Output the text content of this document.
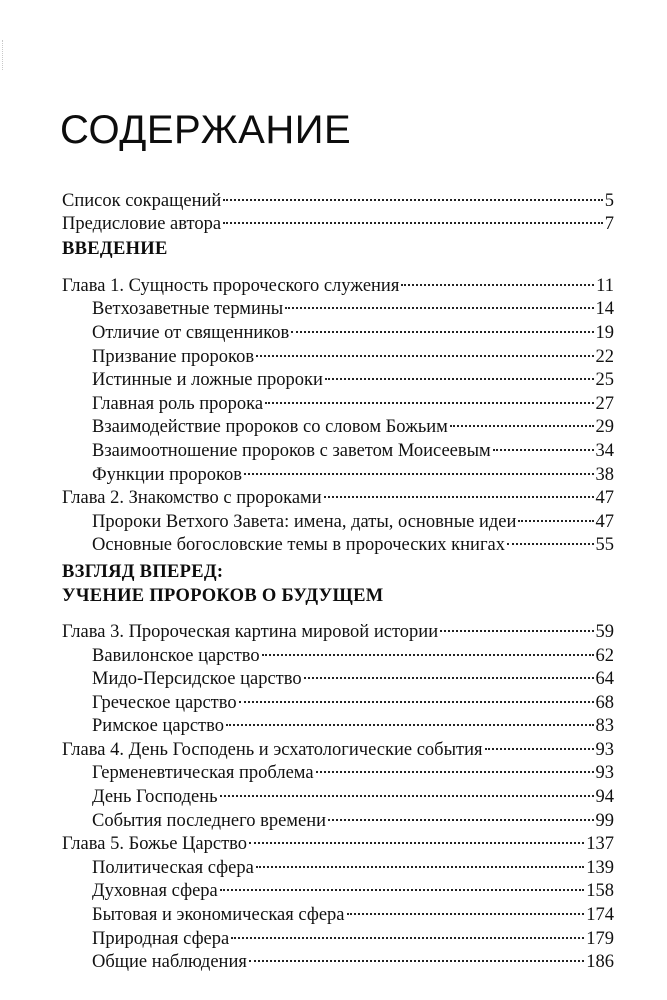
СОДЕРЖАНИЕ
Список сокращений	5
Предисловие автора	7
ВВЕДЕНИЕ
Глава 1. Сущность пророческого служения	11
Ветхозаветные термины	14
Отличие от священников	19
Призвание пророков	22
Истинные и ложные пророки	25
Главная роль пророка	27
Взаимодействие пророков со словом Божьим	29
Взаимоотношение пророков с заветом Моисеевым	34
Функции пророков	38
Глава 2. Знакомство с пророками	47
Пророки Ветхого Завета: имена, даты, основные идеи	47
Основные богословские темы в пророческих книгах	55
ВЗГЛЯД ВПЕРЕД:
УЧЕНИЕ ПРОРОКОВ О БУДУЩЕМ
Глава 3. Пророческая картина мировой истории	59
Вавилонское царство	62
Мидо-Персидское царство	64
Греческое царство	68
Римское царство	83
Глава 4. День Господень и эсхатологические события	93
Герменевтическая проблема	93
День Господень	94
События последнего времени	99
Глава 5. Божье Царство	137
Политическая сфера	139
Духовная сфера	158
Бытовая и экономическая сфера	174
Природная сфера	179
Общие наблюдения	186
